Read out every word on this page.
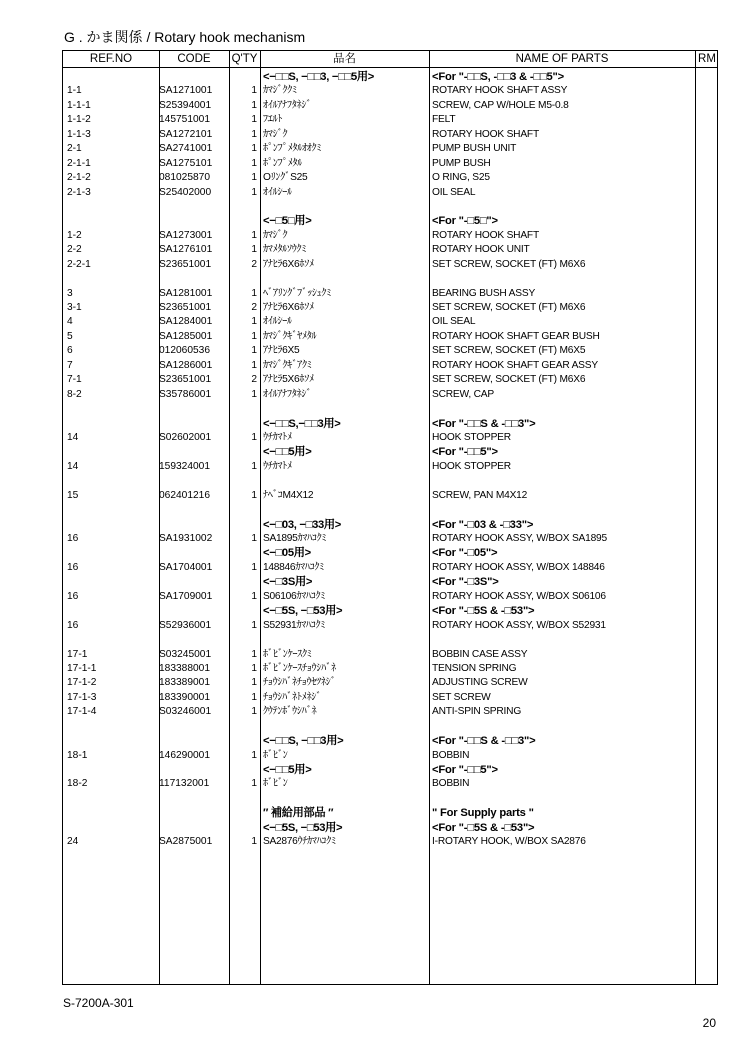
G . かま関係 / Rotary hook mechanism
REF.NO	CODE	Q'TY	品名	NAME OF PARTS	RM
<−□□S, −□□3, −□□5用>	<For "-□□S, -□□3 & -□□5">
1-1	SA1271001	1 ｶﾏｼﾞｸｸﾐ	ROTARY HOOK SHAFT ASSY
1-1-1	S25394001	1 ｵｲﾙｱﾅﾌﾀﾈｼﾞ	SCREW, CAP W/HOLE M5-0.8
1-1-2	145751001	1 ﾌｴﾙﾄ	FELT
1-1-3	SA1272101	1 ｶﾏｼﾞｸ	ROTARY HOOK SHAFT
2-1	SA2741001	1 ﾎﾟﾝﾌﾟﾒﾀﾙｵｵｸﾐ	PUMP BUSH UNIT
2-1-1	SA1275101	1 ﾎﾟﾝﾌﾟﾒﾀﾙ	PUMP BUSH
2-1-2	081025870	1 OﾘﾝｸﾞS25	O RING, S25
2-1-3	S25402000	1 ｵｲﾙｼｰﾙ	OIL SEAL
<−□5□用>	<For "-□5□">
1-2	SA1273001	1 ｶﾏｼﾞｸ	ROTARY HOOK SHAFT
2-2	SA1276101	1 ｶﾏﾒﾀﾙｿｳｸﾐ	ROTARY HOOK UNIT
2-2-1	S23651001	2 ｱﾅﾋﾗ6X6ﾎｿﾒ	SET SCREW, SOCKET (FT) M6X6
3	SA1281001	1 ﾍﾞｱﾘﾝｸﾞﾌﾞｯｼｭｸﾐ	BEARING BUSH ASSY
3-1	S23651001	2 ｱﾅﾋﾗ6X6ﾎｿﾒ	SET SCREW, SOCKET (FT) M6X6
4	SA1284001	1 ｵｲﾙｼｰﾙ	OIL SEAL
5	SA1285001	1 ｶﾏｼﾞｸｷﾞﾔﾒﾀﾙ	ROTARY HOOK SHAFT GEAR BUSH
6	012060536	1 ｱﾅﾋﾗ6X5	SET SCREW, SOCKET (FT) M6X5
7	SA1286001	1 ｶﾏｼﾞｸｷﾞｱｸﾐ	ROTARY HOOK SHAFT GEAR ASSY
7-1	S23651001	2 ｱﾅﾋﾗ5X6ﾎｿﾒ	SET SCREW, SOCKET (FT) M6X6
8-2	S35786001	1 ｵｲﾙｱﾅﾌﾀﾈｼﾞ	SCREW, CAP
<−□□S,−□□3用>	<For "-□□S & -□□3">
14	S02602001	1 ｳﾁｶﾏﾄﾒ	HOOK STOPPER
<−□□5用>	<For "-□□5">
14	159324001	1 ｳﾁｶﾏﾄﾒ	HOOK STOPPER
15	062401216	1 ﾅﾍﾞｺM4X12	SCREW, PAN M4X12
<−□03, −□33用>	<For "-□03 & -□33">
16	SA1931002	1 SA1895ｶﾏﾊｺｸﾐ	ROTARY HOOK ASSY, W/BOX SA1895
<−□05用>	<For "-□05">
16	SA1704001	1 148846ｶﾏﾊｺｸﾐ	ROTARY HOOK ASSY, W/BOX 148846
<−□3S用>	<For "-□3S">
16	SA1709001	1 S06106ｶﾏﾊｺｸﾐ	ROTARY HOOK ASSY, W/BOX S06106
<−□5S, −□53用>	<For "-□5S & -□53">
16	S52936001	1 S52931ｶﾏﾊｺｸﾐ	ROTARY HOOK ASSY, W/BOX S52931
17-1	S03245001	1 ﾎﾞﾋﾞﾝｹｰｽｸﾐ	BOBBIN CASE ASSY
17-1-1	183388001	1 ﾎﾞﾋﾞﾝｹｰｽﾁｮｳｼﾊﾞﾈ	TENSION SPRING
17-1-2	183389001	1 ﾁｮｳｼﾊﾞﾈﾁｮｳｾﾂﾈｼﾞ	ADJUSTING SCREW
17-1-3	183390001	1 ﾁｮｳｼﾊﾞﾈﾄﾒﾈｼﾞ	SET SCREW
17-1-4	S03246001	1 ｸｳﾃﾝﾎﾞｳｼﾊﾞﾈ	ANTI-SPIN SPRING
<−□□S, −□□3用>	<For "-□□S & -□□3">
18-1	146290001	1 ﾎﾞﾋﾞﾝ	BOBBIN
<−□□5用>	<For "-□□5">
18-2	117132001	1 ﾎﾞﾋﾞﾝ	BOBBIN
″ 補給用部品 ″	" For Supply parts "
<−□5S, −□53用>	<For "-□5S & -□53">
24	SA2875001	1 SA2876ｳﾁｶﾏﾊｺｸﾐ	I-ROTARY HOOK, W/BOX SA2876
S-7200A-301
20
